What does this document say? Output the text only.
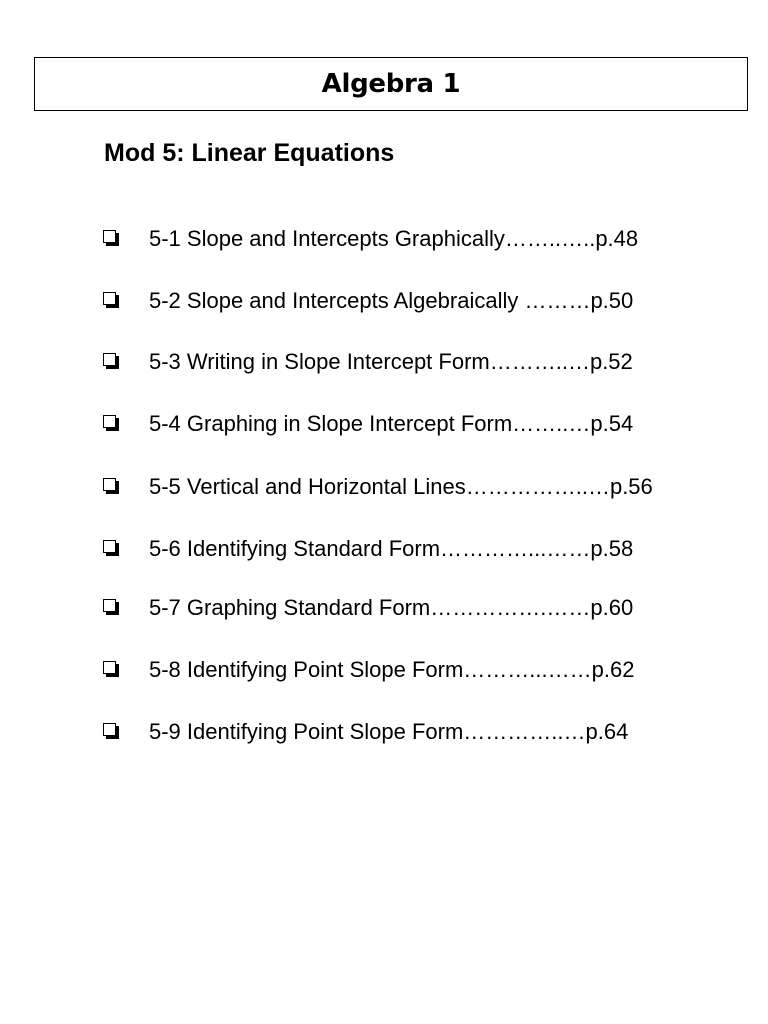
Algebra 1
Mod 5: Linear Equations
5-1 Slope and Intercepts Graphically……..…..p.48
5-2 Slope and Intercepts Algebraically ………p.50
5-3 Writing in Slope Intercept Form………..…p.52
5-4 Graphing in Slope Intercept Form……..…p.54
5-5 Vertical and Horizontal Lines……………..…p.56
5-6 Identifying Standard Form…………...……p.58
5-7 Graphing Standard Form…………….……p.60
5-8 Identifying Point Slope Form………...……p.62
5-9 Identifying Point Slope Form…………..…p.64
